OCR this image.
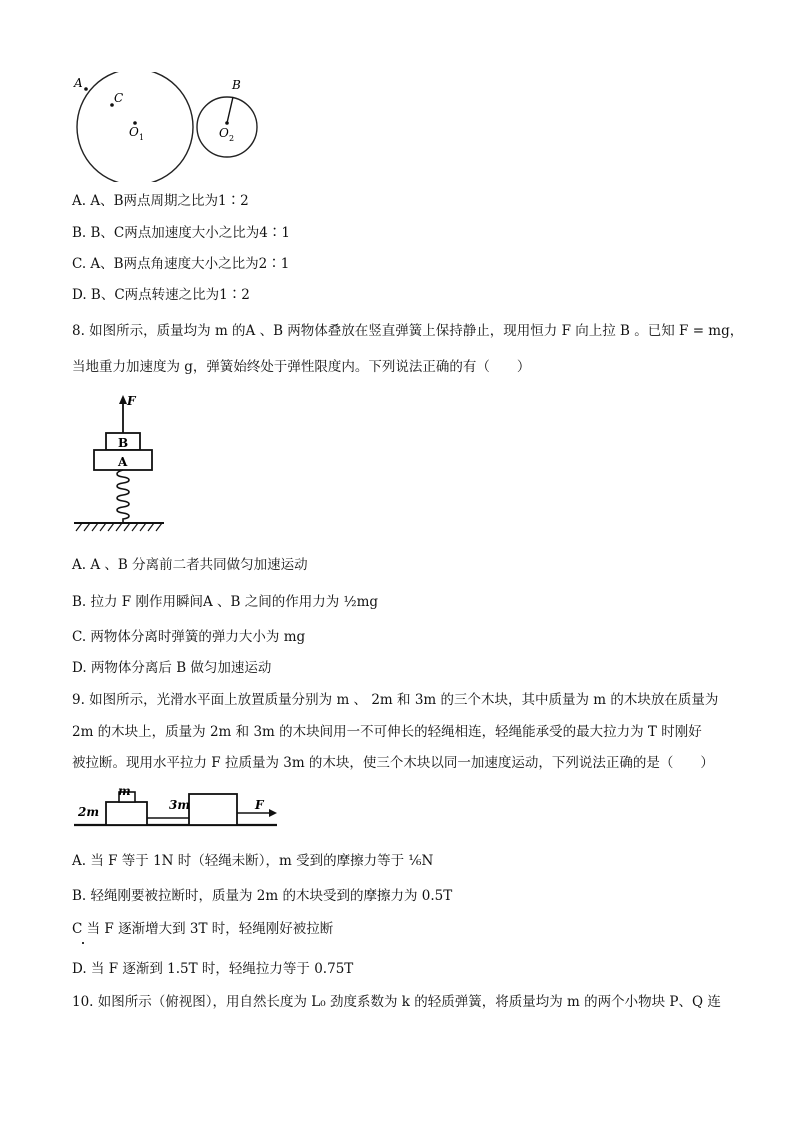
A
C
O 1
B
O 2
A. A、B两点周期之比为1∶2
B. B、C两点加速度大小之比为4∶1
C. A、B两点角速度大小之比为2∶1
D. B、C两点转速之比为1∶2
8. 如图所示，质量均为 m 的A 、B 两物体叠放在竖直弹簧上保持静止，现用恒力 F 向上拉 B 。已知 F = mg，
当地重力加速度为 g，弹簧始终处于弹性限度内。下列说法正确的有（　　）
F
B
A
A. A 、B 分离前二者共同做匀加速运动
B. 拉力 F 刚作用瞬间A 、B 之间的作用力为 ½mg
C. 两物体分离时弹簧的弹力大小为 mg
D. 两物体分离后 B 做匀加速运动
9. 如图所示，光滑水平面上放置质量分别为 m 、 2m 和 3m 的三个木块，其中质量为 m 的木块放在质量为
2m 的木块上，质量为 2m 和 3m 的木块间用一不可伸长的轻绳相连，轻绳能承受的最大拉力为 T 时刚好
被拉断。现用水平拉力 F 拉质量为 3m 的木块，使三个木块以同一加速度运动，下列说法正确的是（　　）
m
2m	3m	F
A. 当 F 等于 1N 时（轻绳未断），m 受到的摩擦力等于 ⅙N
B. 轻绳刚要被拉断时，质量为 2m 的木块受到的摩擦力为 0.5T
C 当 F 逐渐增大到 3T 时，轻绳刚好被拉断
D. 当 F 逐渐到 1.5T 时，轻绳拉力等于 0.75T
10. 如图所示（俯视图），用自然长度为 L₀ 劲度系数为 k 的轻质弹簧，将质量均为 m 的两个小物块 P、Q 连
